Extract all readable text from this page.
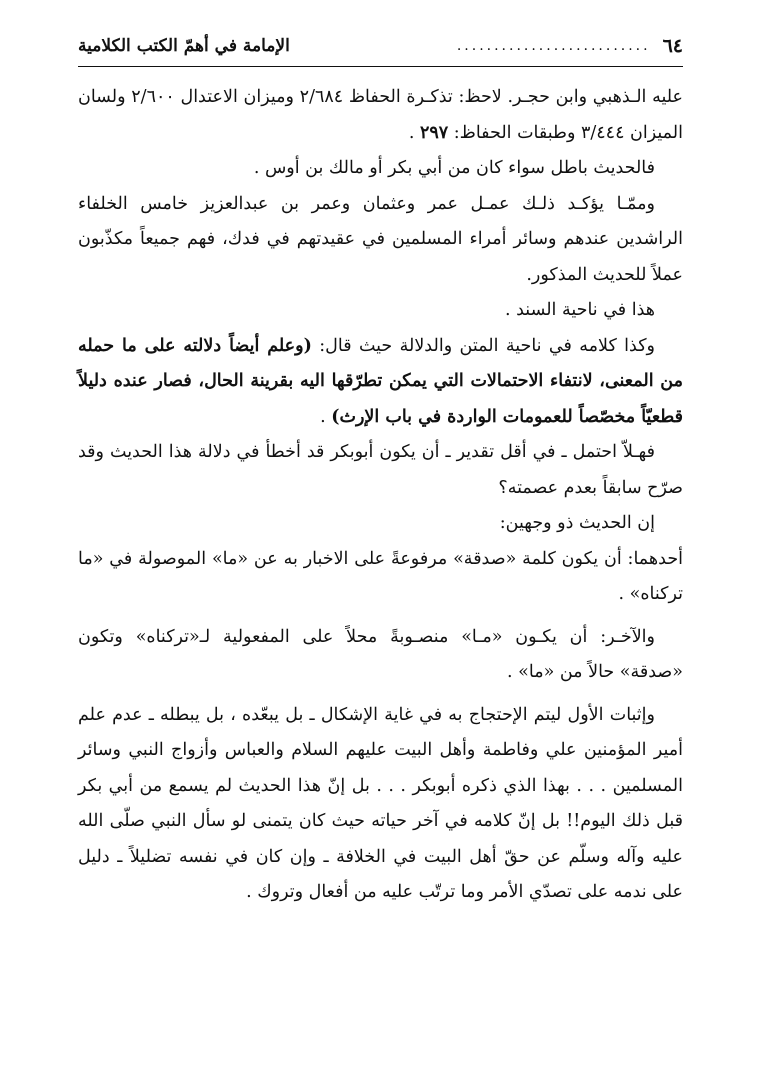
٦٤
..........................
الإمامة في أهمّ الكتب الكلامية

عليه الـذهبي وابن حجـر. لاحظ: تذكـرة الحفاظ ٢/٦٨٤ وميزان الاعتدال ٢/٦٠٠ ولسان الميزان ٣/٤٤٤ وطبقات الحفاظ: ٢٩٧ .

فالحديث باطل سواء كان من أبي بكر أو مالك بن أوس .

وممّـا يؤكـد ذلـك عمـل عمر وعثمان وعمر بن عبدالعزيز خامس الخلفاء الراشدين عندهم وسائر أمراء المسلمين في عقيدتهم في فدك، فهم جميعاً مكذّبون عملاً للحديث المذكور.

هذا في ناحية السند .

وكذا كلامه في ناحية المتن والدلالة حيث قال: (وعلم أيضاً دلالته على ما حمله من المعنى، لانتفاء الاحتمالات التي يمكن تطرّقها اليه بقرينة الحال، فصار عنده دليلاً قطعيّاً مخصّصاً للعمومات الواردة في باب الإرث) .

فهـلاّ احتمل ـ في أقل تقدير ـ أن يكون أبوبكر قد أخطأ في دلالة هذا الحديث وقد صرّح سابقاً بعدم عصمته؟

إن الحديث ذو وجهين:

أحدهما: أن يكون كلمة «صدقة» مرفوعةً على الاخبار به عن «ما» الموصولة في «ما تركناه» .

والآخـر: أن يكـون «مـا» منصـوبةً محلاً على المفعولية لـ«تركناه» وتكون «صدقة» حالاً من «ما» .

وإثبات الأول ليتم الإحتجاج به في غاية الإشكال ـ بل يبعّده ، بل يبطله ـ عدم علم أمير المؤمنين علي وفاطمة وأهل البيت عليهم السلام والعباس وأزواج النبي وسائر المسلمين . . . بهذا الذي ذكره أبوبكر . . . بل إنّ هذا الحديث لم يسمع من أبي بكر قبل ذلك اليوم!! بل إنّ كلامه في آخر حياته حيث كان يتمنى لو سأل النبي صلّى الله عليه وآله وسلّم عن حقّ أهل البيت في الخلافة ـ وإن كان في نفسه تضليلاً ـ دليل على ندمه على تصدّي الأمر وما ترتّب عليه من أفعال وتروك .
